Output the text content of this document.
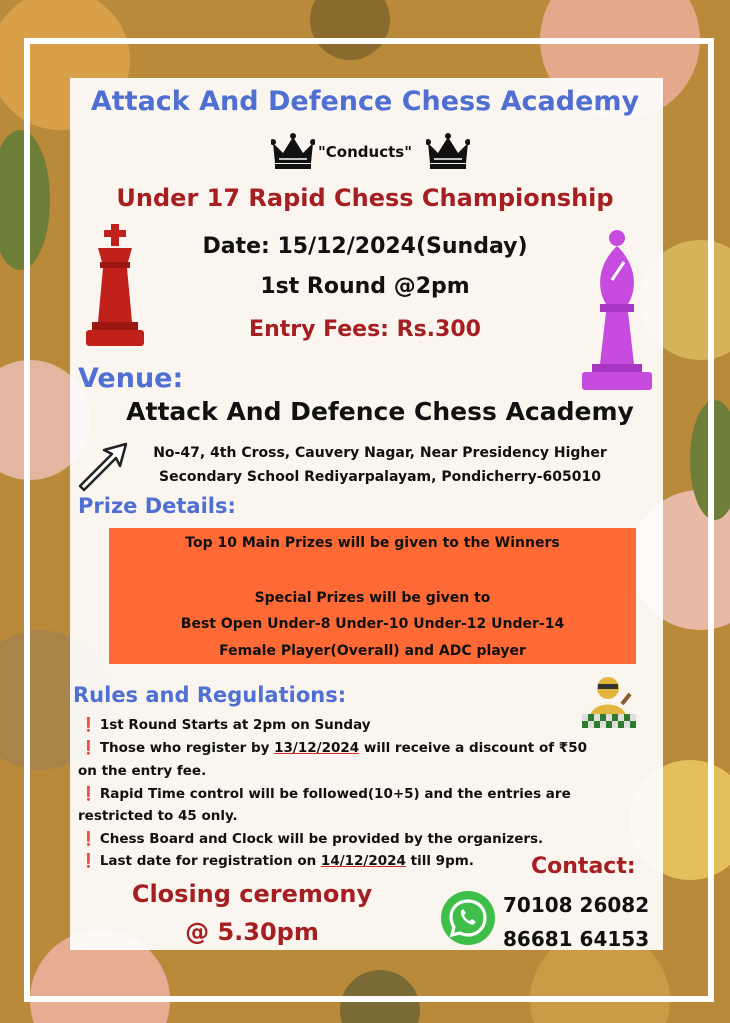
Attack And Defence Chess Academy
"Conducts"
Under 17 Rapid Chess Championship
Date: 15/12/2024(Sunday)
1st Round @2pm
Entry Fees: Rs.300
Venue:
Attack And Defence Chess Academy
No-47, 4th Cross, Cauvery Nagar, Near Presidency Higher
Secondary School Rediyarpalayam, Pondicherry-605010
Prize Details:
Top 10 Main Prizes will be given to the Winners
Special Prizes will be given to
Best Open Under-8 Under-10 Under-12 Under-14
Female Player(Overall) and ADC player
Rules and Regulations:
❗ 1st Round Starts at 2pm on Sunday
❗ Those who register by 13/12/2024 will receive a discount of ₹50
on the entry fee.
❗ Rapid Time control will be followed(10+5) and the entries are
restricted to 45 only.
❗ Chess Board and Clock will be provided by the organizers.
❗ Last date for registration on 14/12/2024 till 9pm.	Contact:
Closing ceremony
@ 5.30pm
70108 26082
86681 64153
